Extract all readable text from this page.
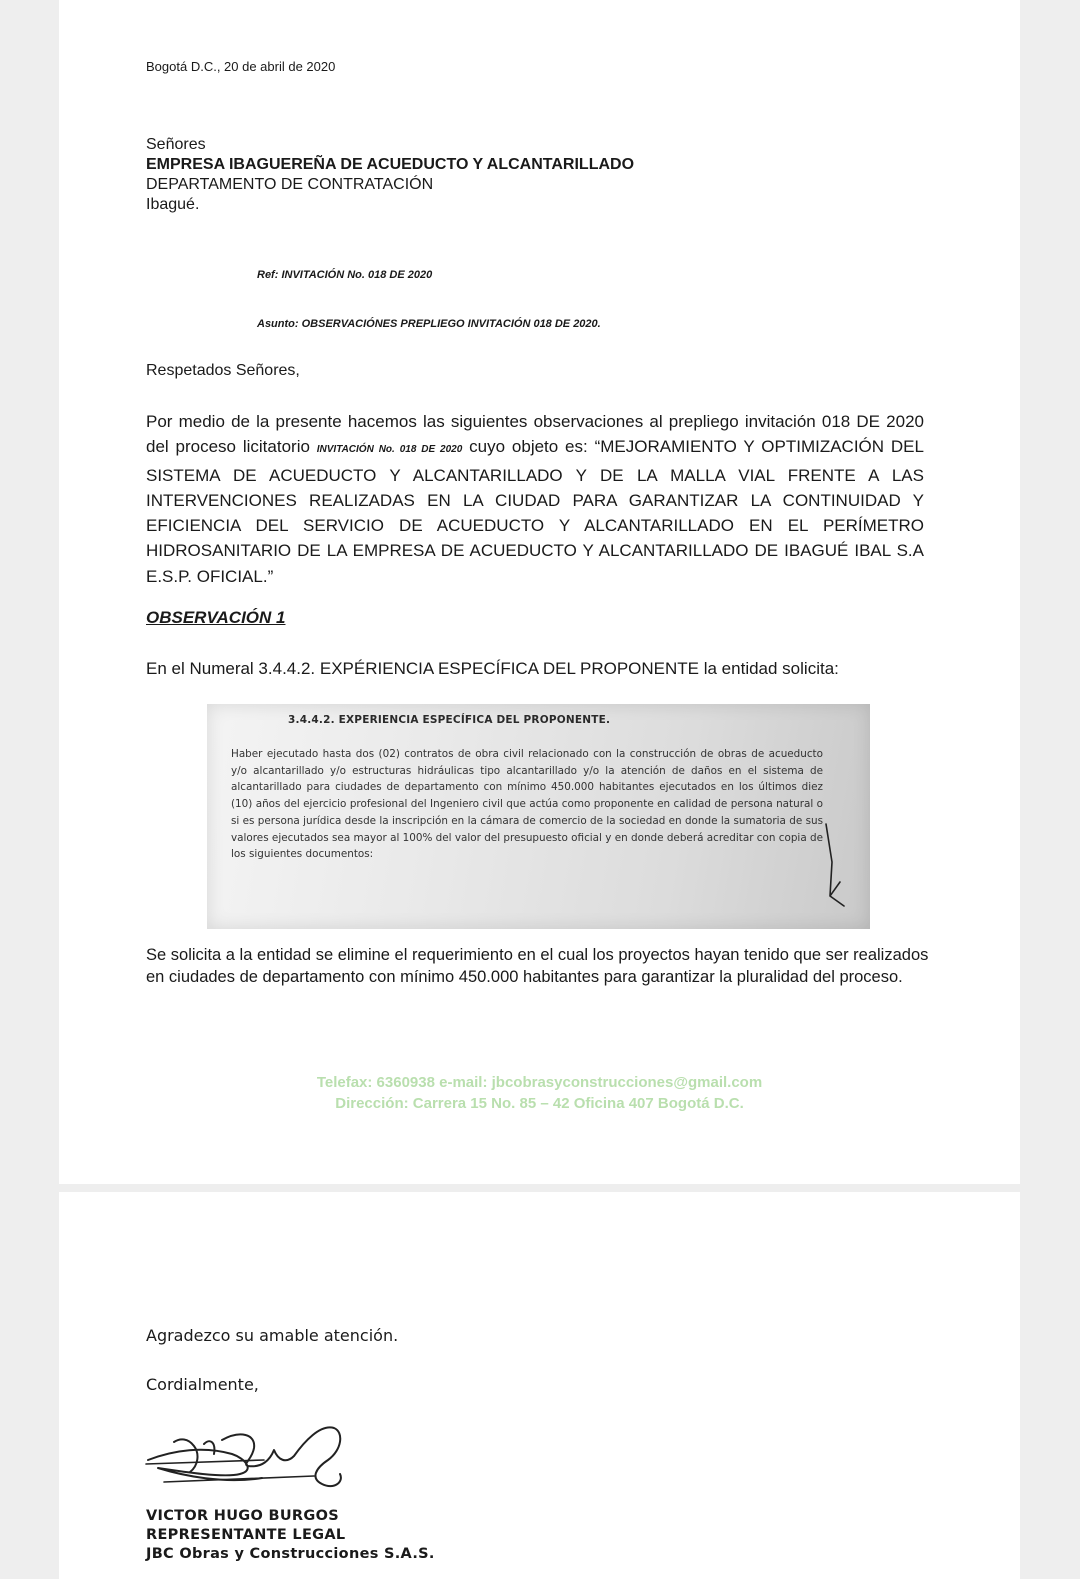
Bogotá D.C., 20 de abril de 2020
Señores
EMPRESA IBAGUEREÑA DE ACUEDUCTO Y ALCANTARILLADO
DEPARTAMENTO DE CONTRATACIÓN
Ibagué.
Ref: INVITACIÓN No. 018 DE 2020
Asunto: OBSERVACIÓNES PREPLIEGO INVITACIÓN 018 DE 2020.
Respetados Señores,
Por medio de la presente hacemos las siguientes observaciones al prepliego invitación 018 DE 2020 del proceso licitatorio INVITACIÓN No. 018 DE 2020 cuyo objeto es: “MEJORAMIENTO Y OPTIMIZACIÓN DEL SISTEMA DE ACUEDUCTO Y ALCANTARILLADO Y DE LA MALLA VIAL FRENTE A LAS INTERVENCIONES REALIZADAS EN LA CIUDAD PARA GARANTIZAR LA CONTINUIDAD Y EFICIENCIA DEL SERVICIO DE ACUEDUCTO Y ALCANTARILLADO EN EL PERÍMETRO HIDROSANITARIO DE LA EMPRESA DE ACUEDUCTO Y ALCANTARILLADO DE IBAGUÉ IBAL S.A E.S.P. OFICIAL.”
OBSERVACIÓN 1
En el Numeral 3.4.4.2. EXPÉRIENCIA ESPECÍFICA DEL PROPONENTE la entidad solicita:
3.4.4.2. EXPERIENCIA ESPECÍFICA DEL PROPONENTE.
Haber ejecutado hasta dos (02) contratos de obra civil relacionado con la construcción de obras de acueducto y/o alcantarillado y/o estructuras hidráulicas tipo alcantarillado y/o la atención de daños en el sistema de alcantarillado para ciudades de departamento con mínimo 450.000 habitantes ejecutados en los últimos diez (10) años del ejercicio profesional del Ingeniero civil que actúa como proponente en calidad de persona natural o si es persona jurídica desde la inscripción en la cámara de comercio de la sociedad en donde la sumatoria de sus valores ejecutados sea mayor al 100% del valor del presupuesto oficial y en donde deberá acreditar con copia de los siguientes documentos:
Se solicita a la entidad se elimine el requerimiento en el cual los proyectos hayan tenido que ser realizados en ciudades de departamento con mínimo 450.000 habitantes para garantizar la pluralidad del proceso.
Telefax: 6360938 e-mail: jbcobrasyconstrucciones@gmail.com
Dirección: Carrera 15 No. 85 – 42 Oficina 407 Bogotá D.C.
Agradezco su amable atención.
Cordialmente,
VICTOR HUGO BURGOS
REPRESENTANTE LEGAL
JBC Obras y Construcciones S.A.S.
